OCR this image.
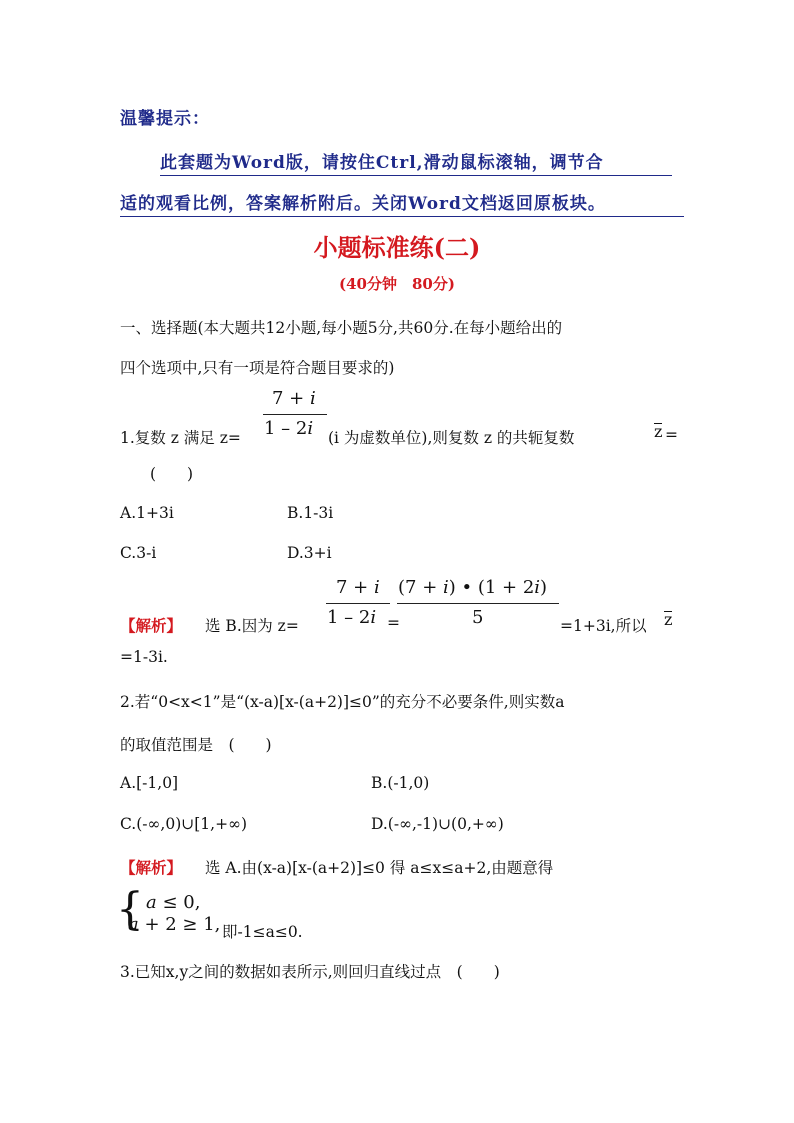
温馨提示：
此套题为Word版，请按住Ctrl,滑动鼠标滚轴，调节合
适的观看比例，答案解析附后。关闭Word文档返回原板块。
小题标准练(二)
(40分钟　80分)
一、选择题(本大题共12小题,每小题5分,共60分.在每小题给出的
四个选项中,只有一项是符合题目要求的)
7 + 𝑖
1 – 2𝑖
1.复数 z 满足 z=	(i 为虚数单位),则复数 z 的共轭复数	z =
(　　)
A.1+3i	B.1-3i
C.3-i	D.3+i
7 + 𝑖
1 – 2𝑖
(7 + 𝑖) • (1 + 2𝑖)
5
【解析】 选 B.因为 z=	=	=1+3i,所以 z
=1-3i.
2.若“0<x<1”是“(x-a)[x-(a+2)]≤0”的充分不必要条件,则实数a
的取值范围是　(　　)
A.[-1,0]	B.(-1,0)
C.(-∞,0)∪[1,+∞)	D.(-∞,-1)∪(0,+∞)
【解析】 选 A.由(x-a)[x-(a+2)]≤0 得 a≤x≤a+2,由题意得
{ 𝑎 ≤ 0,
𝑎 + 2 ≥ 1, 即-1≤a≤0.
3.已知x,y之间的数据如表所示,则回归直线过点　(　　)
